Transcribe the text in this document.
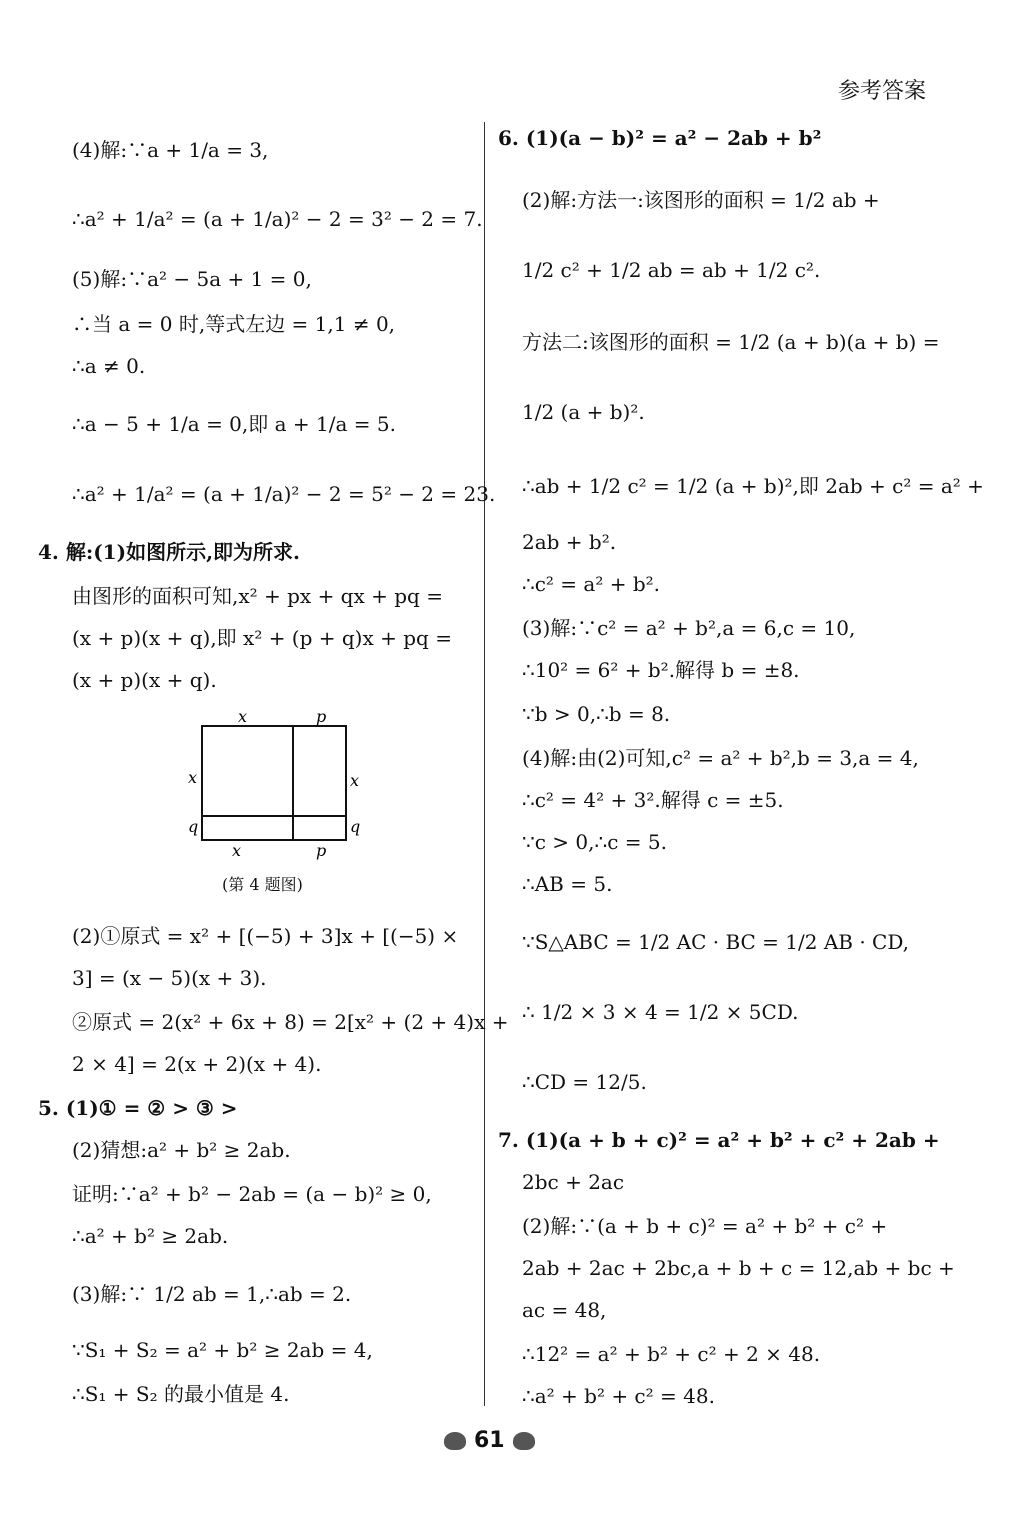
参考答案
(4)解:∵a + 1/a = 3,
∴a² + 1/a² = (a + 1/a)² − 2 = 3² − 2 = 7.
(5)解:∵a² − 5a + 1 = 0,
∴当 a = 0 时,等式左边 = 1,1 ≠ 0,
∴a ≠ 0.
∴a − 5 + 1/a = 0,即 a + 1/a = 5.
∴a² + 1/a² = (a + 1/a)² − 2 = 5² − 2 = 23.
4. 解:(1)如图所示,即为所求.
由图形的面积可知,x² + px + qx + pq =
(x + p)(x + q),即 x² + (p + q)x + pq =
(x + p)(x + q).
(2)①原式 = x² + [(−5) + 3]x + [(−5) ×
3] = (x − 5)(x + 3).
②原式 = 2(x² + 6x + 8) = 2[x² + (2 + 4)x +
2 × 4] = 2(x + 2)(x + 4).
5. (1)① = ② > ③ >
(2)猜想:a² + b² ≥ 2ab.
证明:∵a² + b² − 2ab = (a − b)² ≥ 0,
∴a² + b² ≥ 2ab.
(3)解:∵ 1/2 ab = 1,∴ab = 2.
∵S₁ + S₂ = a² + b² ≥ 2ab = 4,
∴S₁ + S₂ 的最小值是 4.
x	p
x	x
q	q
x	p
(第 4 题图)
6. (1)(a − b)² = a² − 2ab + b²
(2)解:方法一:该图形的面积 = 1/2 ab +
1/2 c² + 1/2 ab = ab + 1/2 c².
方法二:该图形的面积 = 1/2 (a + b)(a + b) =
1/2 (a + b)².
∴ab + 1/2 c² = 1/2 (a + b)²,即 2ab + c² = a² +
2ab + b².
∴c² = a² + b².
(3)解:∵c² = a² + b²,a = 6,c = 10,
∴10² = 6² + b².解得 b = ±8.
∵b > 0,∴b = 8.
(4)解:由(2)可知,c² = a² + b²,b = 3,a = 4,
∴c² = 4² + 3².解得 c = ±5.
∵c > 0,∴c = 5.
∴AB = 5.
∵S△ABC = 1/2 AC · BC = 1/2 AB · CD,
∴ 1/2 × 3 × 4 = 1/2 × 5CD.
∴CD = 12/5.
7. (1)(a + b + c)² = a² + b² + c² + 2ab +
2bc + 2ac
(2)解:∵(a + b + c)² = a² + b² + c² +
2ab + 2ac + 2bc,a + b + c = 12,ab + bc +
ac = 48,
∴12² = a² + b² + c² + 2 × 48.
∴a² + b² + c² = 48.
61
